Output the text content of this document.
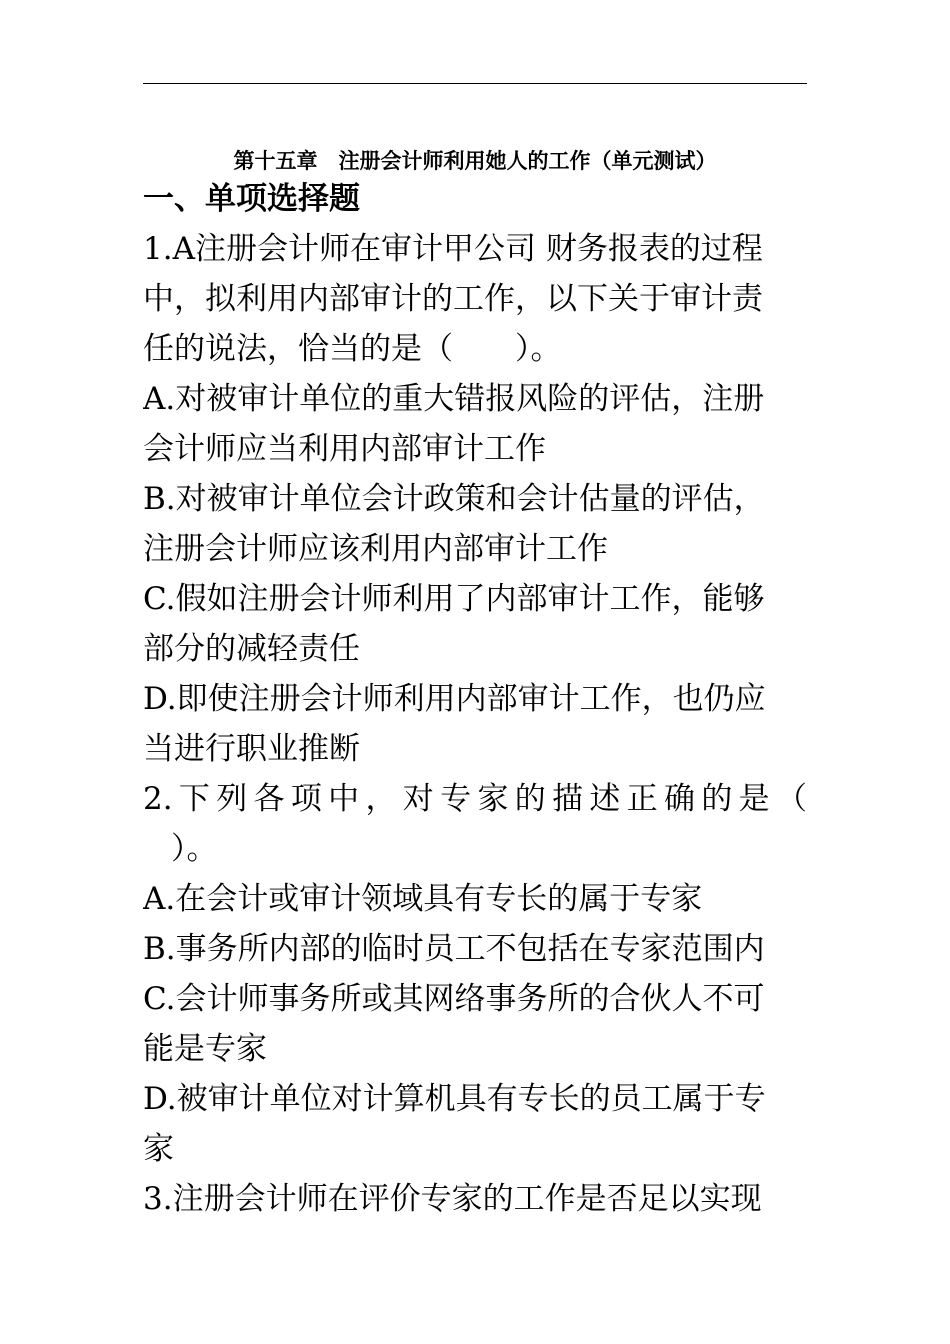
第十五章　注册会计师利用她人的工作（单元测试）
一、单项选择题
1.A注册会计师在审计甲公司 财务报表的过程
中，拟利用内部审计的工作，以下关于审计责
任的说法，恰当的是（　　）。
A.对被审计单位的重大错报风险的评估，注册
会计师应当利用内部审计工作
B.对被审计单位会计政策和会计估量的评估，
注册会计师应该利用内部审计工作
C.假如注册会计师利用了内部审计工作，能够
部分的减轻责任
D.即使注册会计师利用内部审计工作，也仍应
当进行职业推断
2.下列各项中，对专家的描述正确的是（
）。
A.在会计或审计领域具有专长的属于专家
B.事务所内部的临时员工不包括在专家范围内
C.会计师事务所或其网络事务所的合伙人不可
能是专家
D.被审计单位对计算机具有专长的员工属于专
家
3.注册会计师在评价专家的工作是否足以实现
